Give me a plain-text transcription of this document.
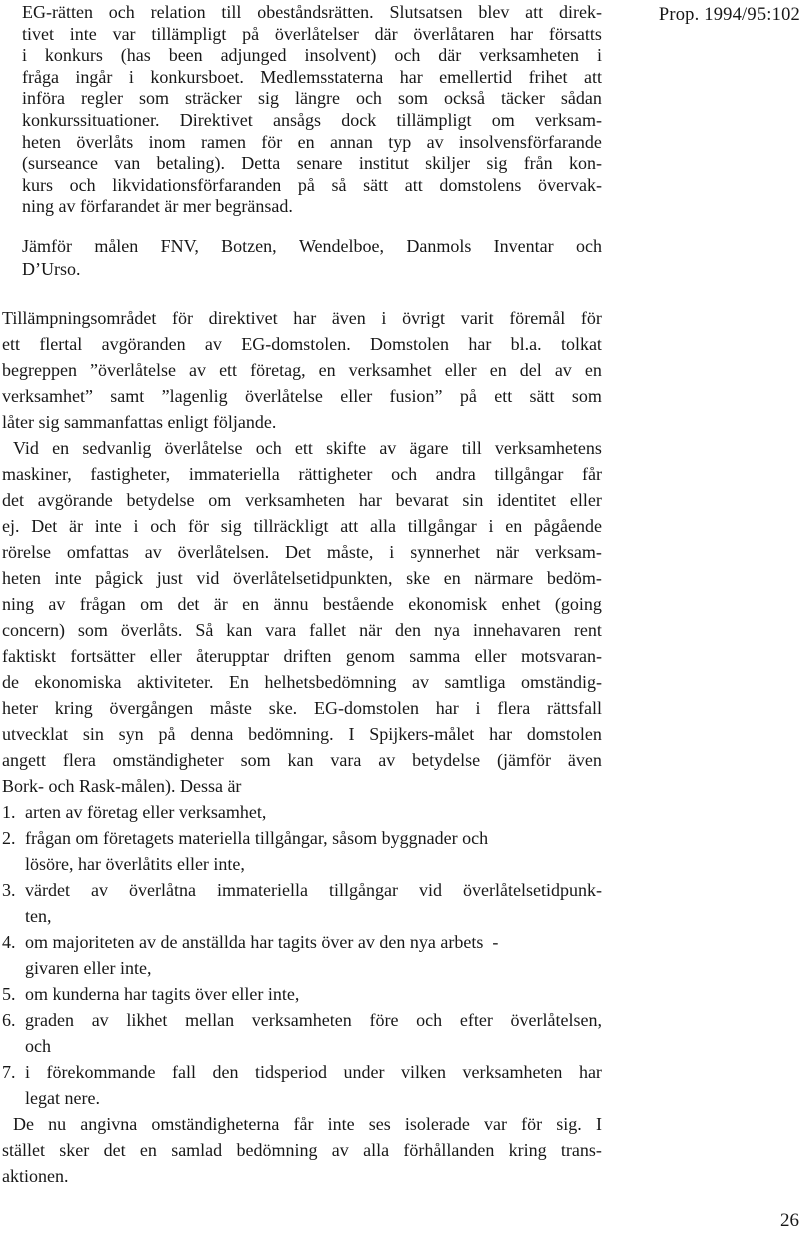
Prop. 1994/95:102
EG-rätten och relation till obeståndsrätten. Slutsatsen blev att direk-
tivet inte var tillämpligt på överlåtelser där överlåtaren har försatts
i konkurs (has been adjunged insolvent) och där verksamheten i
fråga ingår i konkursboet. Medlemsstaterna har emellertid frihet att
införa regler som sträcker sig längre och som också täcker sådan
konkurssituationer. Direktivet ansågs dock tillämpligt om verksam-
heten överlåts inom ramen för en annan typ av insolvensförfarande
(surseance van betaling). Detta senare institut skiljer sig från kon-
kurs och likvidationsförfaranden på så sätt att domstolens övervak-
ning av förfarandet är mer begränsad.
Jämför målen FNV, Botzen, Wendelboe, Danmols Inventar och
D’Urso.
Tillämpningsområdet för direktivet har även i övrigt varit föremål för
ett flertal avgöranden av EG-domstolen. Domstolen har bl.a. tolkat
begreppen ”överlåtelse av ett företag, en verksamhet eller en del av en
verksamhet” samt ”lagenlig överlåtelse eller fusion” på ett sätt som
låter sig sammanfattas enligt följande.
Vid en sedvanlig överlåtelse och ett skifte av ägare till verksamhetens
maskiner, fastigheter, immateriella rättigheter och andra tillgångar får
det avgörande betydelse om verksamheten har bevarat sin identitet eller
ej. Det är inte i och för sig tillräckligt att alla tillgångar i en pågående
rörelse omfattas av överlåtelsen. Det måste, i synnerhet när verksam-
heten inte pågick just vid överlåtelsetidpunkten, ske en närmare bedöm-
ning av frågan om det är en ännu bestående ekonomisk enhet (going
concern) som överlåts. Så kan vara fallet när den nya innehavaren rent
faktiskt fortsätter eller återupptar driften genom samma eller motsvaran-
de ekonomiska aktiviteter. En helhetsbedömning av samtliga omständig-
heter kring övergången måste ske. EG-domstolen har i flera rättsfall
utvecklat sin syn på denna bedömning. I Spijkers-målet har domstolen
angett flera omständigheter som kan vara av betydelse (jämför även
Bork- och Rask-målen). Dessa är
1. arten av företag eller verksamhet,
2. frågan om företagets materiella tillgångar, såsom byggnader och
lösöre, har överlåtits eller inte,
3. värdet av överlåtna immateriella tillgångar vid överlåtelsetidpunk-
ten,
4. om majoriteten av de anställda har tagits över av den nya arbets  -
givaren eller inte,
5. om kunderna har tagits över eller inte,
6. graden av likhet mellan verksamheten före och efter överlåtelsen,
och
7. i förekommande fall den tidsperiod under vilken verksamheten har
legat nere.
De nu angivna omständigheterna får inte ses isolerade var för sig. I
stället sker det en samlad bedömning av alla förhållanden kring trans-
aktionen.
26
